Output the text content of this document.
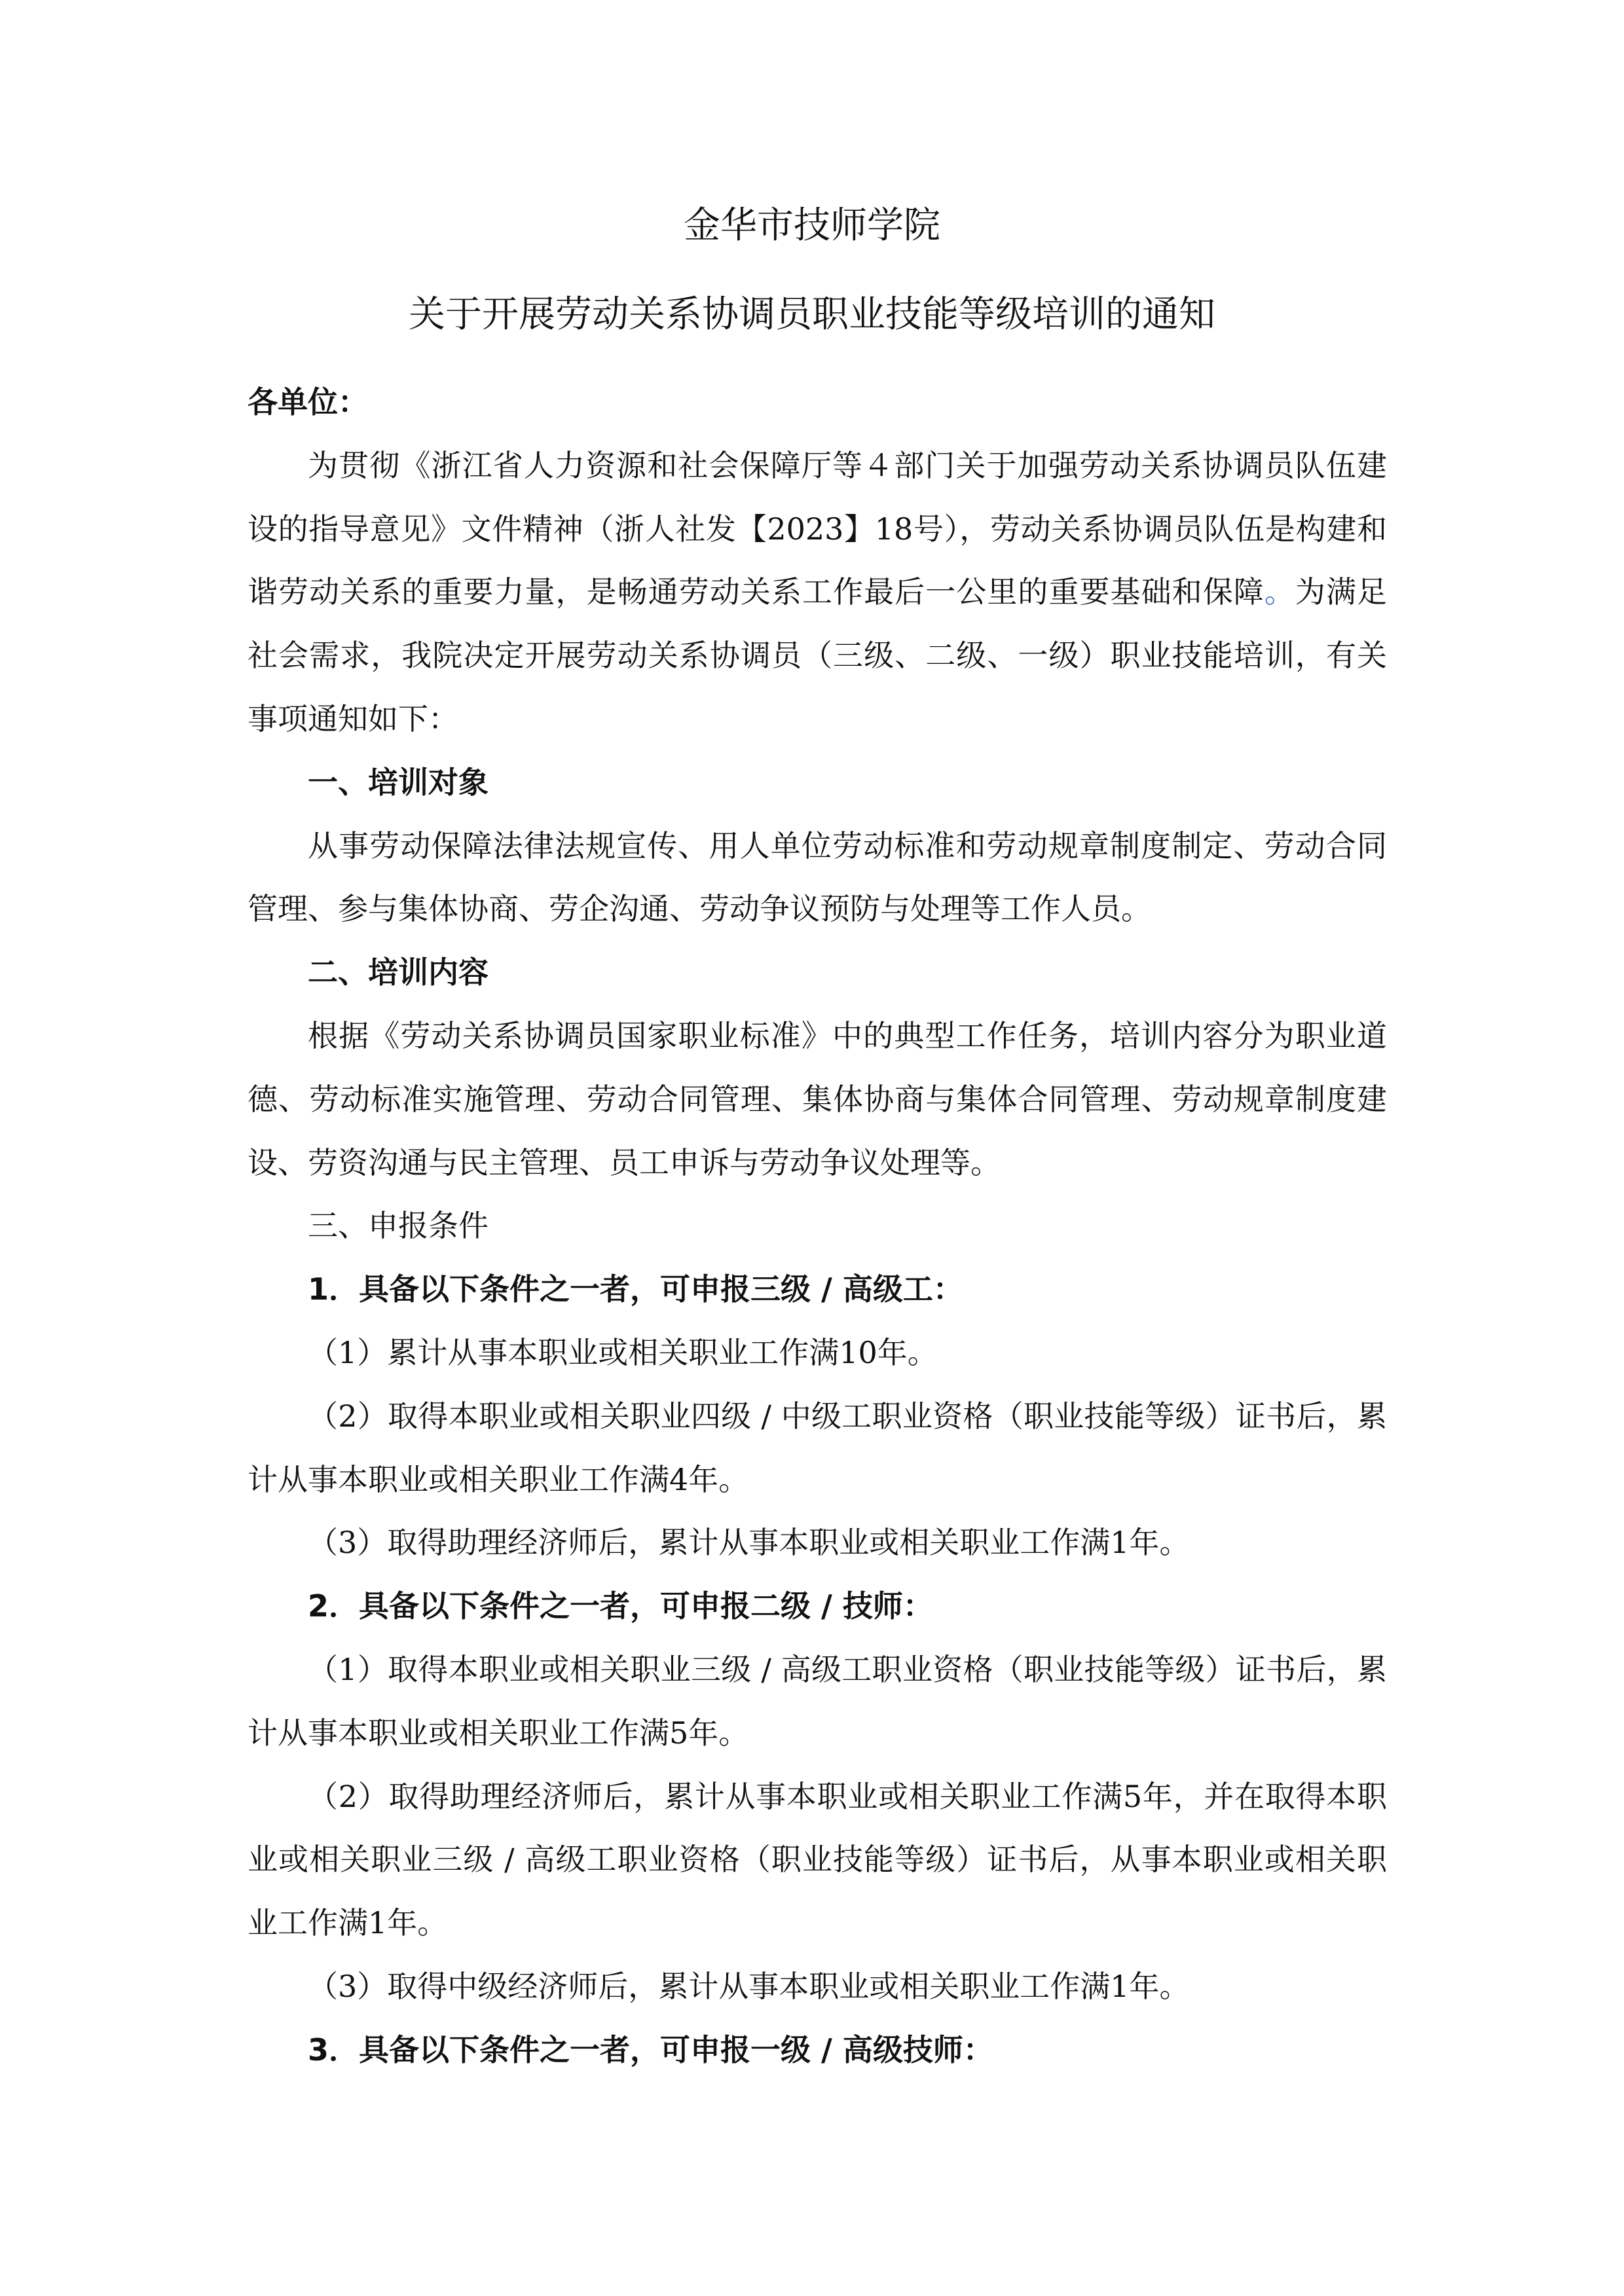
金华市技师学院
关于开展劳动关系协调员职业技能等级培训的通知

各单位：

为贯彻《浙江省人力资源和社会保障厅等４部门关于加强劳动关系协调员队伍建设的指导意见》文件精神（浙人社发【2023】18号），劳动关系协调员队伍是构建和谐劳动关系的重要力量，是畅通劳动关系工作最后一公里的重要基础和保障。为满足社会需求，我院决定开展劳动关系协调员（三级、二级、一级）职业技能培训，有关事项通知如下：

一、培训对象

从事劳动保障法律法规宣传、用人单位劳动标准和劳动规章制度制定、劳动合同管理、参与集体协商、劳企沟通、劳动争议预防与处理等工作人员。

二、培训内容

根据《劳动关系协调员国家职业标准》中的典型工作任务，培训内容分为职业道德、劳动标准实施管理、劳动合同管理、集体协商与集体合同管理、劳动规章制度建设、劳资沟通与民主管理、员工申诉与劳动争议处理等。

三、申报条件

1．具备以下条件之一者，可申报三级 / 高级工：

（1）累计从事本职业或相关职业工作满10年。

（2）取得本职业或相关职业四级 / 中级工职业资格（职业技能等级）证书后，累计从事本职业或相关职业工作满4年。

（3）取得助理经济师后，累计从事本职业或相关职业工作满1年。

2．具备以下条件之一者，可申报二级 / 技师：

（1）取得本职业或相关职业三级 / 高级工职业资格（职业技能等级）证书后，累计从事本职业或相关职业工作满5年。

（2）取得助理经济师后，累计从事本职业或相关职业工作满5年，并在取得本职业或相关职业三级 / 高级工职业资格（职业技能等级）证书后，从事本职业或相关职业工作满1年。

（3）取得中级经济师后，累计从事本职业或相关职业工作满1年。

3．具备以下条件之一者，可申报一级 / 高级技师：
